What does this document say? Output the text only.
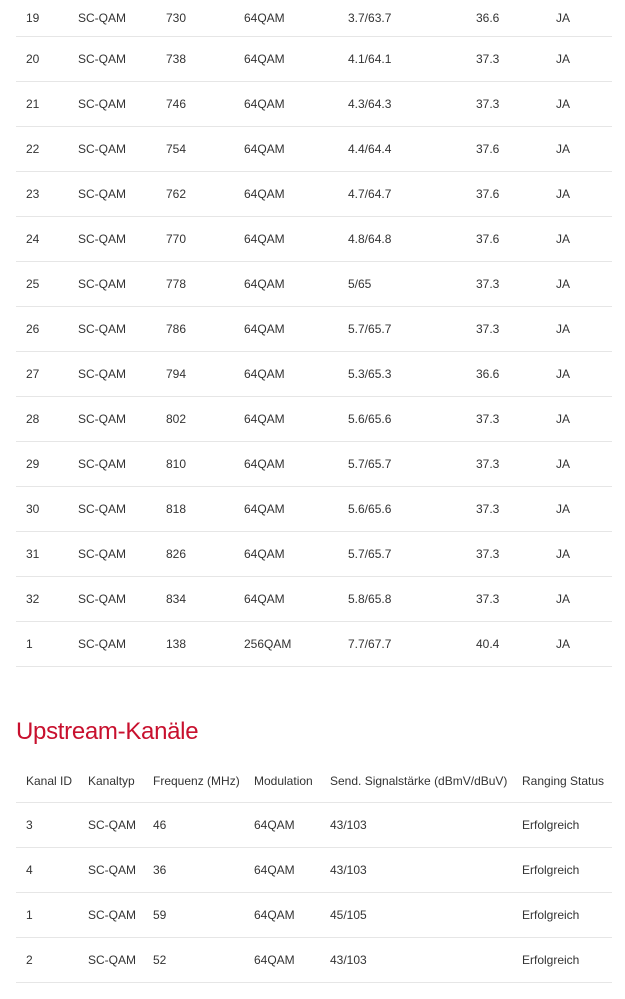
19	SC-QAM	730	64QAM	3.7/63.7	36.6	JA
20	SC-QAM	738	64QAM	4.1/64.1	37.3	JA
21	SC-QAM	746	64QAM	4.3/64.3	37.3	JA
22	SC-QAM	754	64QAM	4.4/64.4	37.6	JA
23	SC-QAM	762	64QAM	4.7/64.7	37.6	JA
24	SC-QAM	770	64QAM	4.8/64.8	37.6	JA
25	SC-QAM	778	64QAM	5/65	37.3	JA
26	SC-QAM	786	64QAM	5.7/65.7	37.3	JA
27	SC-QAM	794	64QAM	5.3/65.3	36.6	JA
28	SC-QAM	802	64QAM	5.6/65.6	37.3	JA
29	SC-QAM	810	64QAM	5.7/65.7	37.3	JA
30	SC-QAM	818	64QAM	5.6/65.6	37.3	JA
31	SC-QAM	826	64QAM	5.7/65.7	37.3	JA
32	SC-QAM	834	64QAM	5.8/65.8	37.3	JA
1	SC-QAM	138	256QAM	7.7/67.7	40.4	JA
Upstream-Kanäle
Kanal ID	Kanaltyp	Frequenz (MHz)	Modulation	Send. Signalstärke (dBmV/dBuV)	Ranging Status
3	SC-QAM	46	64QAM	43/103	Erfolgreich
4	SC-QAM	36	64QAM	43/103	Erfolgreich
1	SC-QAM	59	64QAM	45/105	Erfolgreich
2	SC-QAM	52	64QAM	43/103	Erfolgreich
